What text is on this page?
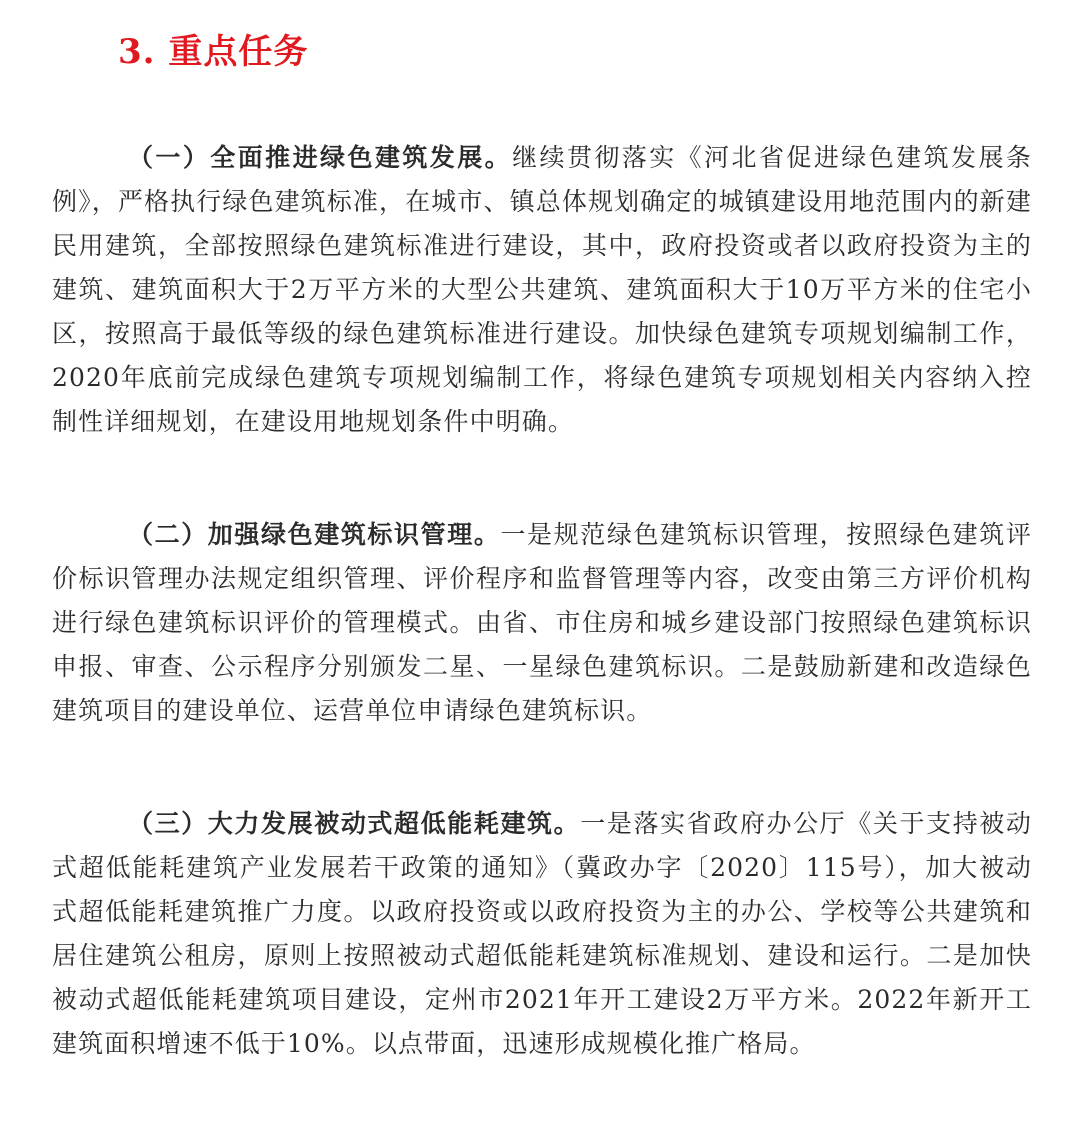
3. 重点任务

（一）全面推进绿色建筑发展。继续贯彻落实《河北省促进绿色建筑发展条例》，严格执行绿色建筑标准，在城市、镇总体规划确定的城镇建设用地范围内的新建民用建筑，全部按照绿色建筑标准进行建设，其中，政府投资或者以政府投资为主的建筑、建筑面积大于2万平方米的大型公共建筑、建筑面积大于10万平方米的住宅小区，按照高于最低等级的绿色建筑标准进行建设。加快绿色建筑专项规划编制工作，2020年底前完成绿色建筑专项规划编制工作，将绿色建筑专项规划相关内容纳入控制性详细规划，在建设用地规划条件中明确。

（二）加强绿色建筑标识管理。一是规范绿色建筑标识管理，按照绿色建筑评价标识管理办法规定组织管理、评价程序和监督管理等内容，改变由第三方评价机构进行绿色建筑标识评价的管理模式。由省、市住房和城乡建设部门按照绿色建筑标识申报、审查、公示程序分别颁发二星、一星绿色建筑标识。二是鼓励新建和改造绿色建筑项目的建设单位、运营单位申请绿色建筑标识。

（三）大力发展被动式超低能耗建筑。一是落实省政府办公厅《关于支持被动式超低能耗建筑产业发展若干政策的通知》（冀政办字〔2020〕115号），加大被动式超低能耗建筑推广力度。以政府投资或以政府投资为主的办公、学校等公共建筑和居住建筑公租房，原则上按照被动式超低能耗建筑标准规划、建设和运行。二是加快被动式超低能耗建筑项目建设，定州市2021年开工建设2万平方米。2022年新开工建筑面积增速不低于10%。以点带面，迅速形成规模化推广格局。
